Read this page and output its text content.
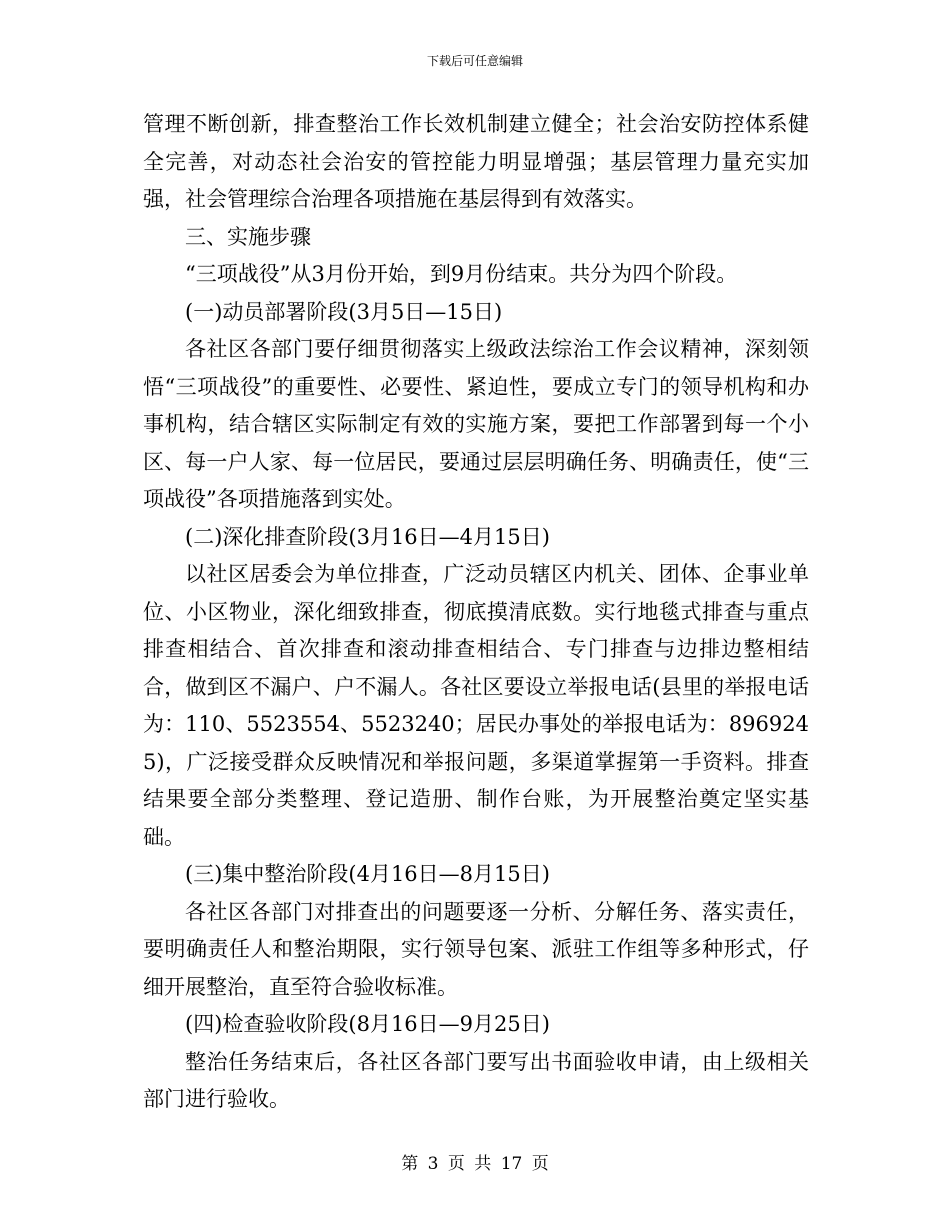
下载后可任意编辑

管理不断创新，排查整治工作长效机制建立健全；社会治安防控体系健全完善，对动态社会治安的管控能力明显增强；基层管理力量充实加强，社会管理综合治理各项措施在基层得到有效落实。

三、实施步骤

“三项战役”从3月份开始，到9月份结束。共分为四个阶段。

(一)动员部署阶段(3月5日—15日)

各社区各部门要仔细贯彻落实上级政法综治工作会议精神，深刻领悟“三项战役”的重要性、必要性、紧迫性，要成立专门的领导机构和办事机构，结合辖区实际制定有效的实施方案，要把工作部署到每一个小区、每一户人家、每一位居民，要通过层层明确任务、明确责任，使“三项战役”各项措施落到实处。

(二)深化排查阶段(3月16日—4月15日)

以社区居委会为单位排查，广泛动员辖区内机关、团体、企事业单位、小区物业，深化细致排查，彻底摸清底数。实行地毯式排查与重点排查相结合、首次排查和滚动排查相结合、专门排查与边排边整相结合，做到区不漏户、户不漏人。各社区要设立举报电话(县里的举报电话为：110、5523554、5523240；居民办事处的举报电话为：8969245)，广泛接受群众反映情况和举报问题，多渠道掌握第一手资料。排查结果要全部分类整理、登记造册、制作台账，为开展整治奠定坚实基础。

(三)集中整治阶段(4月16日—8月15日)

各社区各部门对排查出的问题要逐一分析、分解任务、落实责任，要明确责任人和整治期限，实行领导包案、派驻工作组等多种形式，仔细开展整治，直至符合验收标准。

(四)检查验收阶段(8月16日—9月25日)

整治任务结束后，各社区各部门要写出书面验收申请，由上级相关部门进行验收。

第 3 页 共 17 页
